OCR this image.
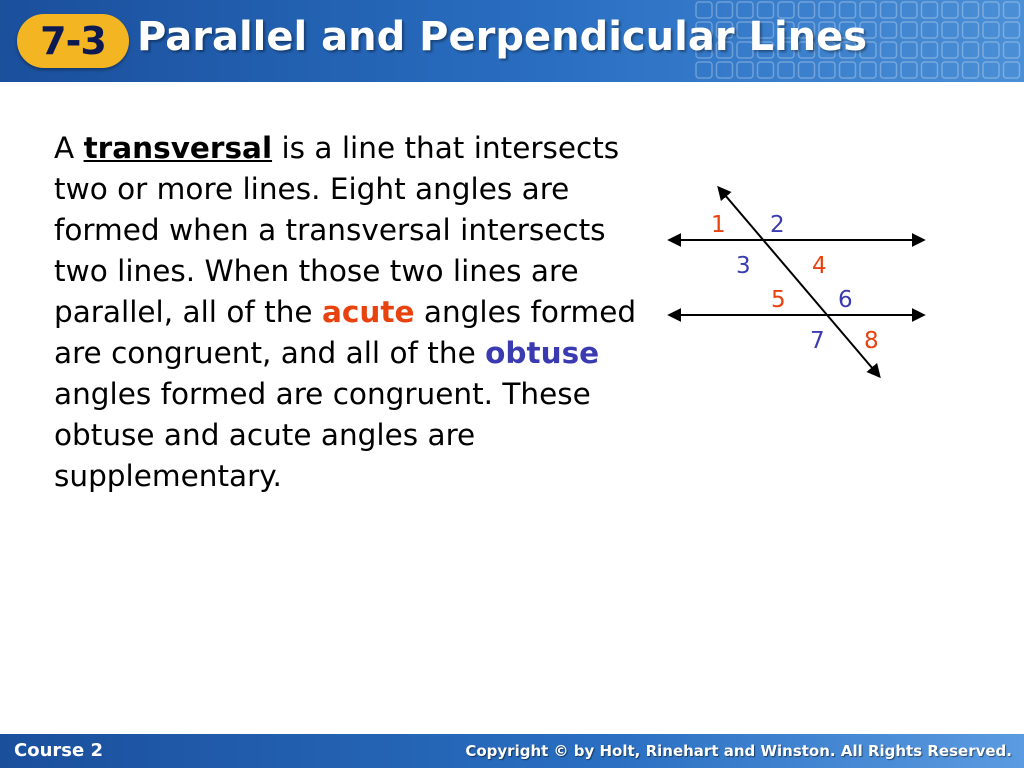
7-3 Parallel and Perpendicular Lines
A transversal is a line that intersects two or more lines. Eight angles are formed when a transversal intersects two lines. When those two lines are parallel, all of the acute angles formed are congruent, and all of the obtuse angles formed are congruent. These obtuse and acute angles are supplementary.
1 2
3	4
5 6
7 8
Course 2	Copyright © by Holt, Rinehart and Winston. All Rights Reserved.
